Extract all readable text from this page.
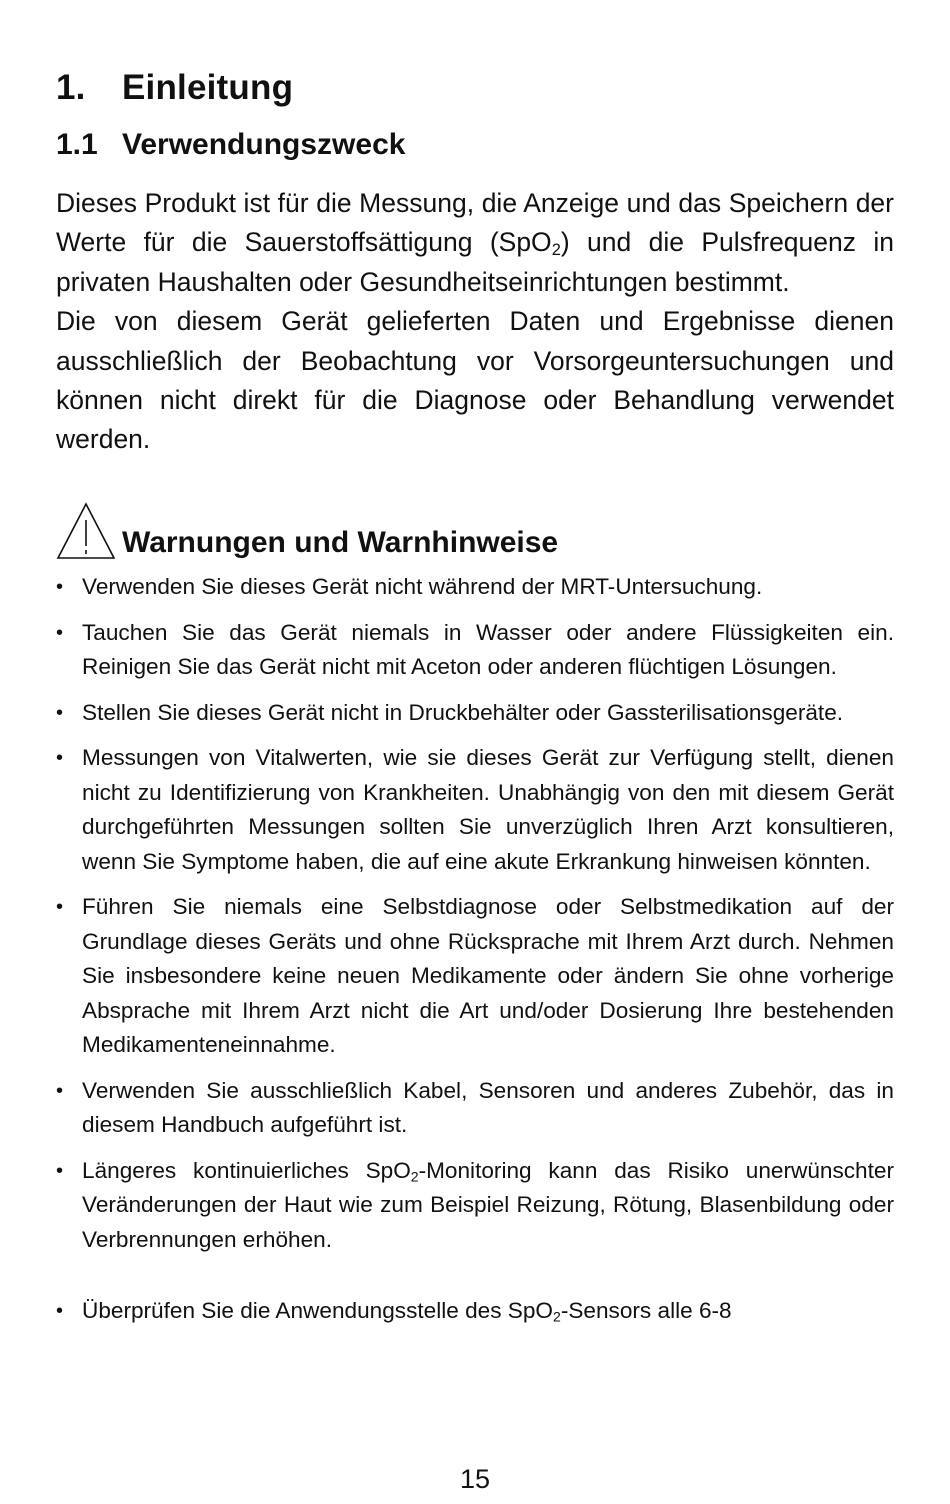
1. Einleitung
1.1 Verwendungszweck

Dieses Produkt ist für die Messung, die Anzeige und das Speichern der Werte für die Sauerstoffsättigung (SpO$_2$) und die Pulsfrequenz in privaten Haushalten oder Gesundheitseinrichtungen bestimmt.

Die von diesem Gerät gelieferten Daten und Ergebnisse dienen ausschließlich der Beobachtung vor Vorsorgeuntersuchungen und können nicht direkt für die Diagnose oder Behandlung verwendet werden.

Warnungen und Warnhinweise
• Verwenden Sie dieses Gerät nicht während der MRT-Untersuchung.
• Tauchen Sie das Gerät niemals in Wasser oder andere Flüssigkeiten ein. Reinigen Sie das Gerät nicht mit Aceton oder anderen flüchtigen Lösungen.
• Stellen Sie dieses Gerät nicht in Druckbehälter oder Gassterilisationsgeräte.
• Messungen von Vitalwerten, wie sie dieses Gerät zur Verfügung stellt, dienen nicht zu Identifizierung von Krankheiten. Unabhängig von den mit diesem Gerät durchgeführten Messungen sollten Sie unverzüglich Ihren Arzt konsultieren, wenn Sie Symptome haben, die auf eine akute Erkrankung hinweisen könnten.
• Führen Sie niemals eine Selbstdiagnose oder Selbstmedikation auf der Grundlage dieses Geräts und ohne Rücksprache mit Ihrem Arzt durch. Nehmen Sie insbesondere keine neuen Medikamente oder ändern Sie ohne vorherige Absprache mit Ihrem Arzt nicht die Art und/oder Dosierung Ihre bestehenden Medikamenteneinnahme.
• Verwenden Sie ausschließlich Kabel, Sensoren und anderes Zubehör, das in diesem Handbuch aufgeführt ist.
• Längeres kontinuierliches SpO$_2$-Monitoring kann das Risiko unerwünschter Veränderungen der Haut wie zum Beispiel Reizung, Rötung, Blasenbildung oder Verbrennungen erhöhen.
• Überprüfen Sie die Anwendungsstelle des SpO$_2$-Sensors alle 6-8
15
